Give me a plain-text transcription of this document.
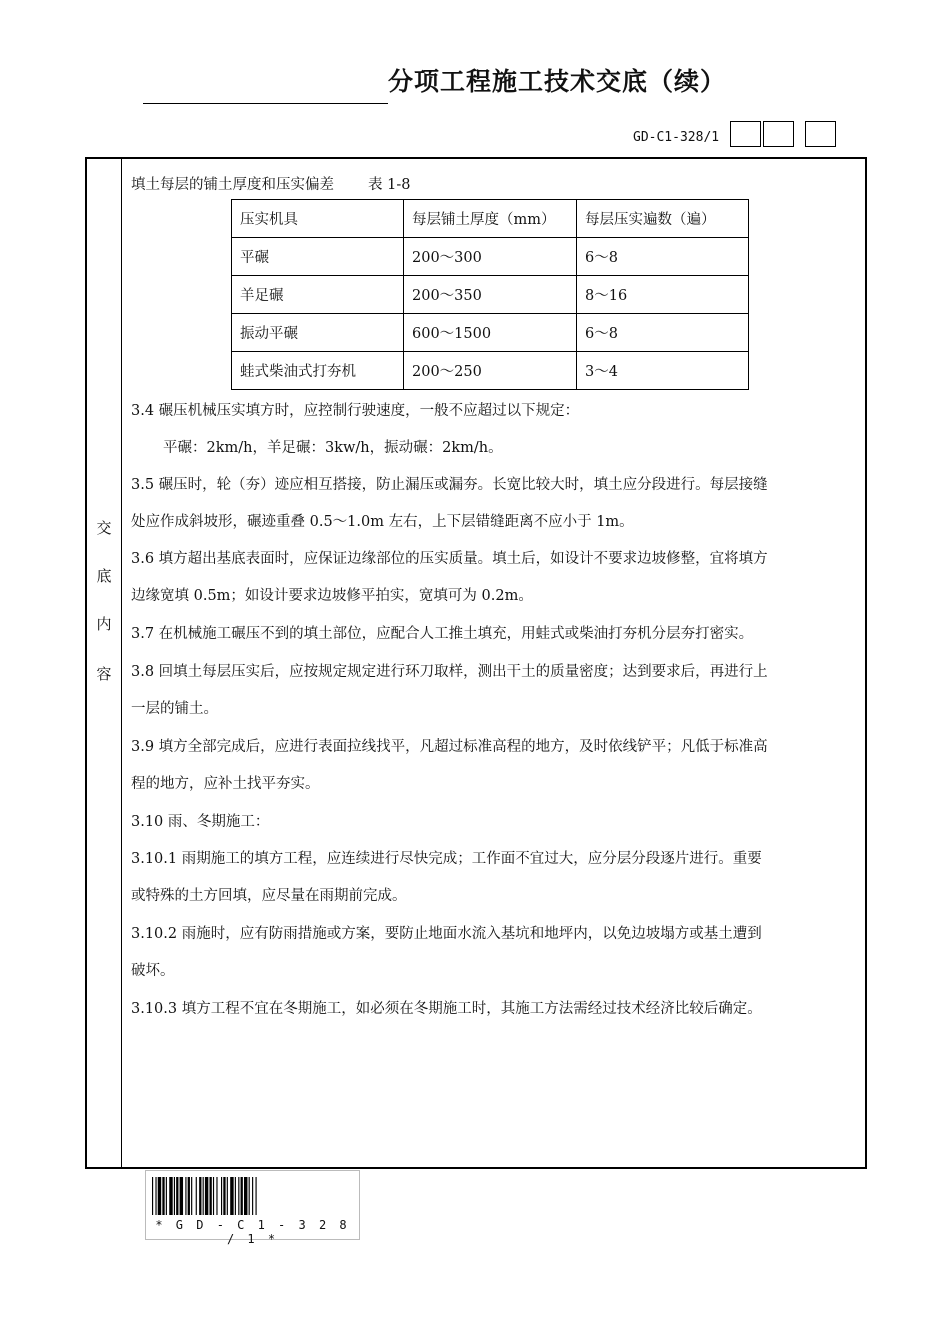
分项工程施工技术交底（续）
GD-C1-328/1
交
底
内
容
填土每层的铺土厚度和压实偏差 表 1-8
压实机具	每层铺土厚度（mm）	每层压实遍数（遍）
平碾	200～300	6～8
羊足碾	200～350	8～16
振动平碾	600～1500	6～8
蛙式柴油式打夯机	200～250	3～4
3.4 碾压机械压实填方时，应控制行驶速度，一般不应超过以下规定：
平碾：2km/h，羊足碾：3kw/h，振动碾：2km/h。
3.5 碾压时，轮（夯）迹应相互搭接，防止漏压或漏夯。长宽比较大时，填土应分段进行。每层接缝
处应作成斜坡形，碾迹重叠 0.5～1.0m 左右，上下层错缝距离不应小于 1m。
3.6 填方超出基底表面时，应保证边缘部位的压实质量。填土后，如设计不要求边坡修整，宜将填方
边缘宽填 0.5m；如设计要求边坡修平拍实，宽填可为 0.2m。
3.7 在机械施工碾压不到的填土部位，应配合人工推土填充，用蛙式或柴油打夯机分层夯打密实。
3.8 回填土每层压实后，应按规定规定进行环刀取样，测出干土的质量密度；达到要求后，再进行上
一层的铺土。
3.9 填方全部完成后，应进行表面拉线找平，凡超过标准高程的地方，及时依线铲平；凡低于标准高
程的地方，应补土找平夯实。
3.10 雨、冬期施工：
3.10.1 雨期施工的填方工程，应连续进行尽快完成；工作面不宜过大，应分层分段逐片进行。重要
或特殊的土方回填，应尽量在雨期前完成。
3.10.2 雨施时，应有防雨措施或方案，要防止地面水流入基坑和地坪内，以免边坡塌方或基土遭到
破坏。
3.10.3 填方工程不宜在冬期施工，如必须在冬期施工时，其施工方法需经过技术经济比较后确定。
* G D - C 1 - 3 2 8 / 1 *
